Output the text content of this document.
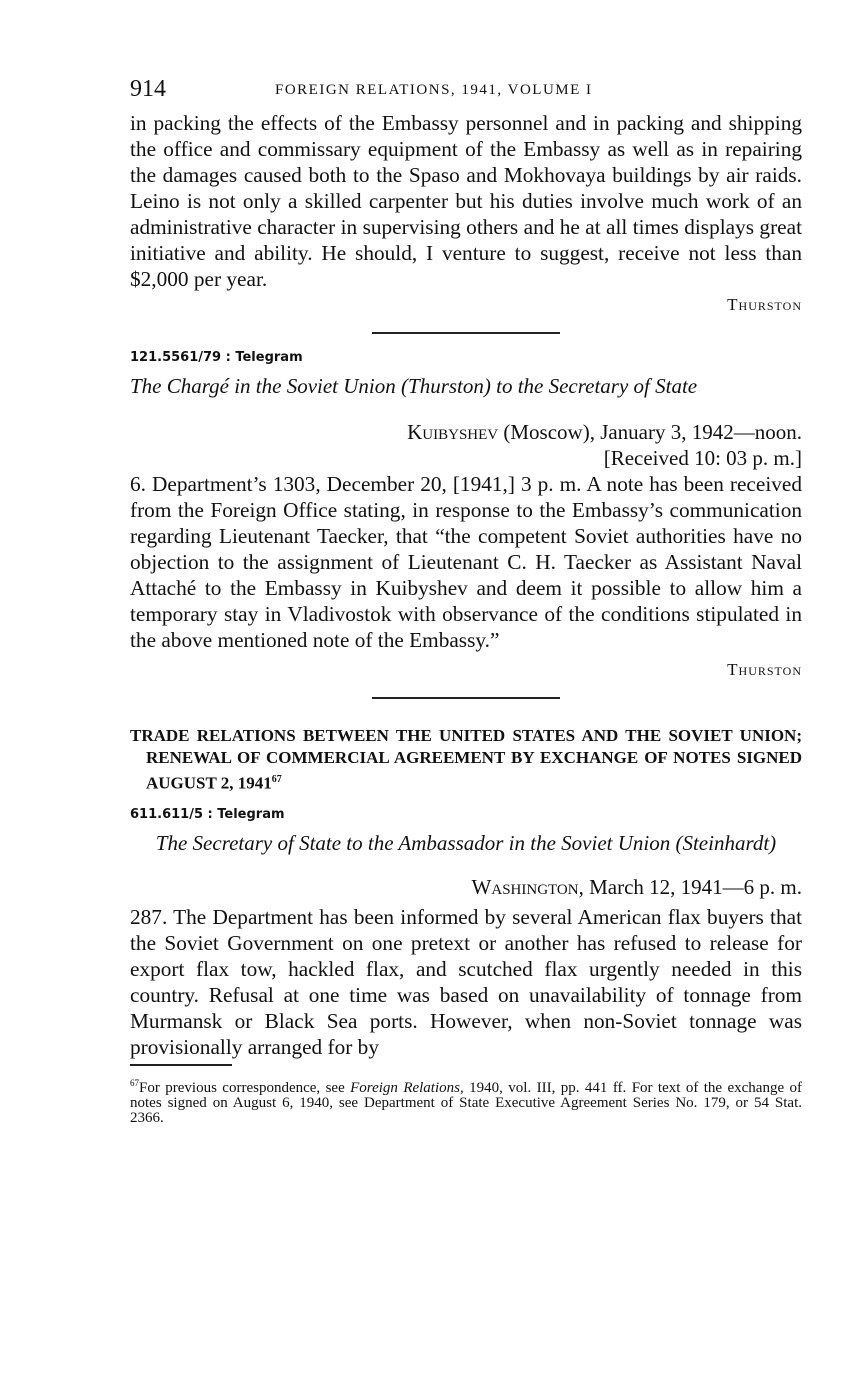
914	FOREIGN RELATIONS, 1941, VOLUME I

in packing the effects of the Embassy personnel and in packing and shipping the office and commissary equipment of the Embassy as well as in repairing the damages caused both to the Spaso and Mokhovaya buildings by air raids. Leino is not only a skilled carpenter but his duties involve much work of an administrative character in supervising others and he at all times displays great initiative and ability. He should, I venture to suggest, receive not less than $2,000 per year.

Thurston
121.5561/79 : Telegram
The Chargé in the Soviet Union (Thurston) to the Secretary of State
Kuibyshev (Moscow), January 3, 1942—noon.
[Received 10: 03 p. m.]

6. Department’s 1303, December 20, [1941,] 3 p. m. A note has been received from the Foreign Office stating, in response to the Embassy’s communication regarding Lieutenant Taecker, that “the competent Soviet authorities have no objection to the assignment of Lieutenant C. H. Taecker as Assistant Naval Attaché to the Embassy in Kuibyshev and deem it possible to allow him a temporary stay in Vladivostok with observance of the conditions stipulated in the above mentioned note of the Embassy.”

Thurston
TRADE RELATIONS BETWEEN THE UNITED STATES AND THE SOVIET UNION; RENEWAL OF COMMERCIAL AGREEMENT BY EXCHANGE OF NOTES SIGNED AUGUST 2, 1941$^{67}$
611.611/5 : Telegram
The Secretary of State to the Ambassador in the Soviet Union (Steinhardt)
Washington, March 12, 1941—6 p. m.

287. The Department has been informed by several American flax buyers that the Soviet Government on one pretext or another has refused to release for export flax tow, hackled flax, and scutched flax urgently needed in this country. Refusal at one time was based on unavailability of tonnage from Murmansk or Black Sea ports. However, when non-Soviet tonnage was provisionally arranged for by

$^{67}$For previous correspondence, see Foreign Relations, 1940, vol. III, pp. 441 ff. For text of the exchange of notes signed on August 6, 1940, see Department of State Executive Agreement Series No. 179, or 54 Stat. 2366.
